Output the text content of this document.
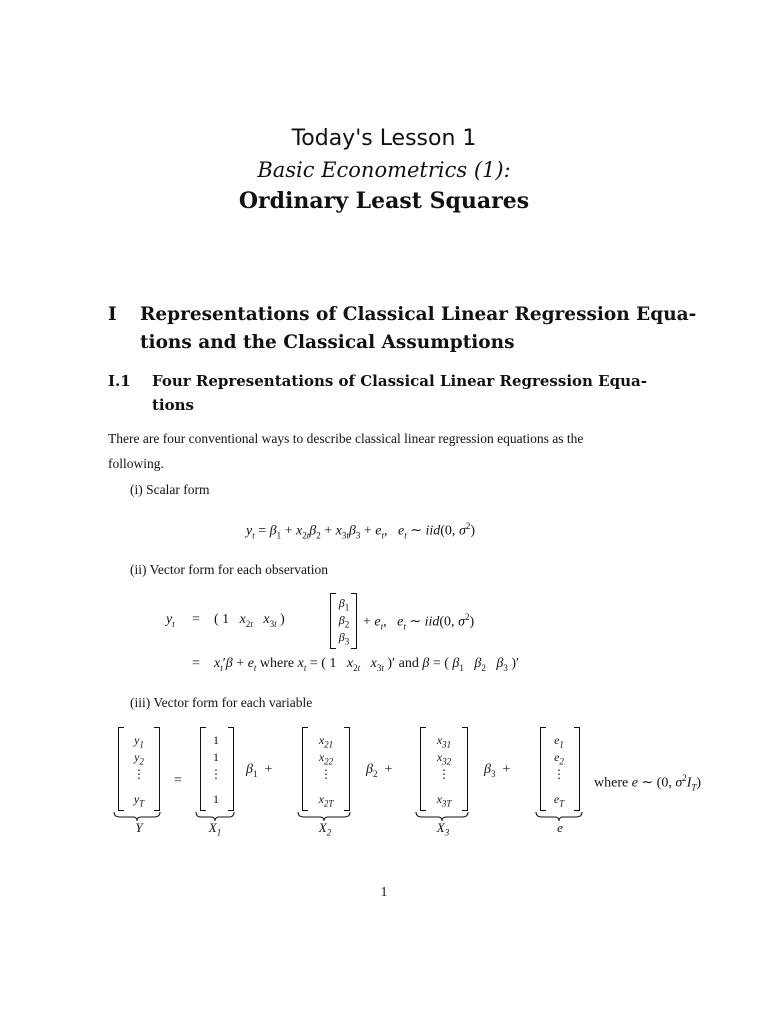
Today's Lesson 1
Basic Econometrics (1):
Ordinary Least Squares
I Representations of Classical Linear Regression Equa-
tions and the Classical Assumptions
I.1 Four Representations of Classical Linear Regression Equa-
tions
There are four conventional ways to describe classical linear regression equations as the
following.
(i) Scalar form
$y_t = \beta_1 + x_{2t}\beta_2 + x_{3t}\beta_3 + e_t$,   $e_t$ ∼ iid(0, $\sigma^2$)
(ii) Vector form for each observation
$y_t$ = ( 1   $x_{2t}$ $x_{3t}$ )
$\beta_1$
$\beta_2$
$\beta_3$
+ $e_t$,   $e_t$ ∼ iid(0, $\sigma^2$)
= $x_t'\beta + e_t$ where $x_t$ = ( 1   $x_{2t}$ $x_{3t}$ )′ and β = ( $\beta_1$ $\beta_2$ $\beta_3$ )′
(iii) Vector form for each variable
$y_1$
$y_2$
⋮
$y_T$
=
1
1
⋮
1
$\beta_1$  +
$x_{21}$
$x_{22}$
⋮
$x_{2T}$
$\beta_2$  +
$x_{31}$
$x_{32}$
⋮
$x_{3T}$
$\beta_3$  +
$e_1$
$e_2$
⋮
$e_T$
where e ∼ (0, $\sigma^2I_T$)
Y	$X_1$	$X_2$	$X_3$	e
1
